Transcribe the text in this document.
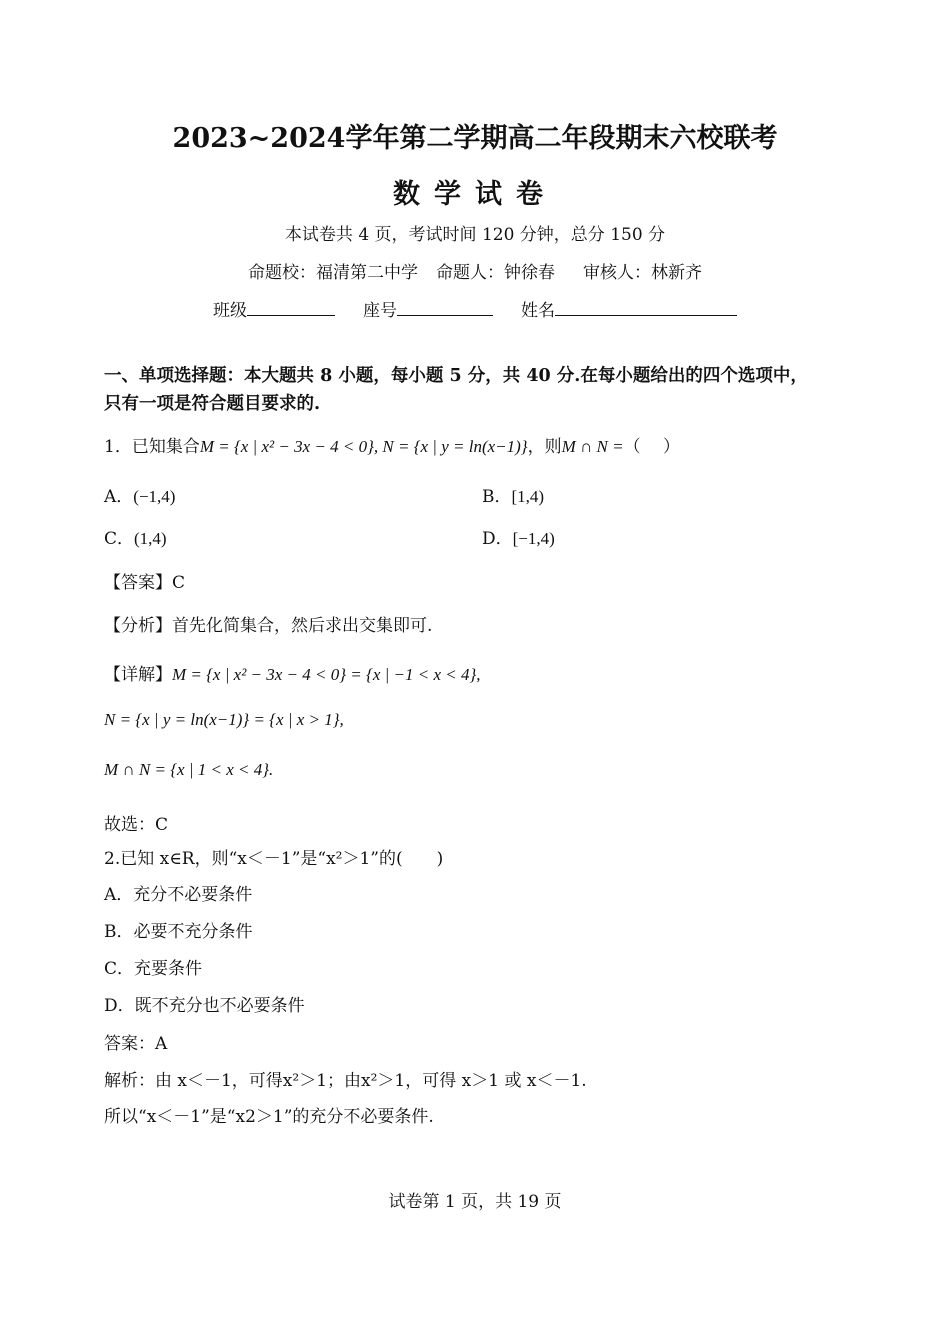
2023~2024学年第二学期高二年段期末六校联考
数学试卷
本试卷共 4 页，考试时间 120 分钟，总分 150 分
命题校：福清第二中学 命题人：钟徐春 审核人：林新齐
班级	座号	姓名
一、单项选择题：本大题共 8 小题，每小题 5 分，共 40 分.在每小题给出的四个选项中，
只有一项是符合题目要求的.
1．已知集合M = {x | x² − 3x − 4 < 0}, N = {x | y = ln(x−1)}，则M ∩ N =（　 ）
A．(−1,4)	B．[1,4)
C．(1,4)	D．[−1,4)
【答案】C
【分析】首先化简集合，然后求出交集即可.
【详解】M = {x | x² − 3x − 4 < 0} = {x | −1 < x < 4},
N = {x | y = ln(x−1)} = {x | x > 1},
M ∩ N = {x | 1 < x < 4}.
故选：C
2.已知 x∈R，则“x＜－1”是“x²＞1”的(　　)
A．充分不必要条件
B．必要不充分条件
C．充要条件
D．既不充分也不必要条件
答案：A
解析：由 x＜－1，可得x²＞1；由x²＞1，可得 x＞1 或 x＜－1.
所以“x＜－1”是“x2＞1”的充分不必要条件.
试卷第 1 页，共 19 页
